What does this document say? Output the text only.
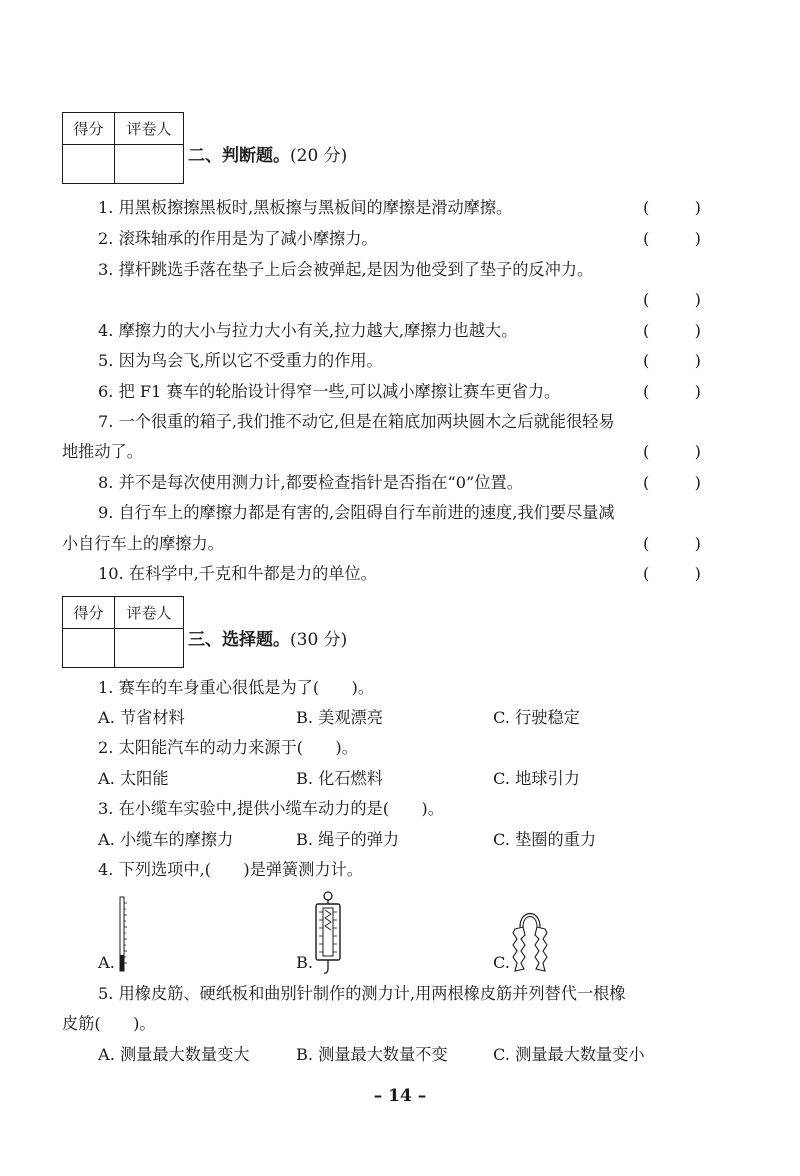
得分	评卷人
二、判断题。(20 分)
1. 用黑板擦擦黑板时,黑板擦与黑板间的摩擦是滑动摩擦。	(	)
2. 滚珠轴承的作用是为了减小摩擦力。	(	)
3. 撑杆跳选手落在垫子上后会被弹起,是因为他受到了垫子的反冲力。
(	)
4. 摩擦力的大小与拉力大小有关,拉力越大,摩擦力也越大。	(	)
5. 因为鸟会飞,所以它不受重力的作用。	(	)
6. 把 F1 赛车的轮胎设计得窄一些,可以减小摩擦让赛车更省力。	(	)
7. 一个很重的箱子,我们推不动它,但是在箱底加两块圆木之后就能很轻易
地推动了。	(	)
8. 并不是每次使用测力计,都要检查指针是否指在“0”位置。	(	)
9. 自行车上的摩擦力都是有害的,会阻碍自行车前进的速度,我们要尽量减
小自行车上的摩擦力。	(	)
10. 在科学中,千克和牛都是力的单位。	(	)
得分	评卷人
三、选择题。(30 分)
1. 赛车的车身重心很低是为了(　　)。
A. 节省材料	B. 美观漂亮	C. 行驶稳定
2. 太阳能汽车的动力来源于(　　)。
A. 太阳能	B. 化石燃料	C. 地球引力
3. 在小缆车实验中,提供小缆车动力的是(　　)。
A. 小缆车的摩擦力	B. 绳子的弹力	C. 垫圈的重力
4. 下列选项中,(　　)是弹簧测力计。
A.	B.	C.
5. 用橡皮筋、硬纸板和曲别针制作的测力计,用两根橡皮筋并列替代一根橡
皮筋(　　)。
A. 测量最大数量变大	B. 测量最大数量不变	C. 测量最大数量变小
– 14 –
